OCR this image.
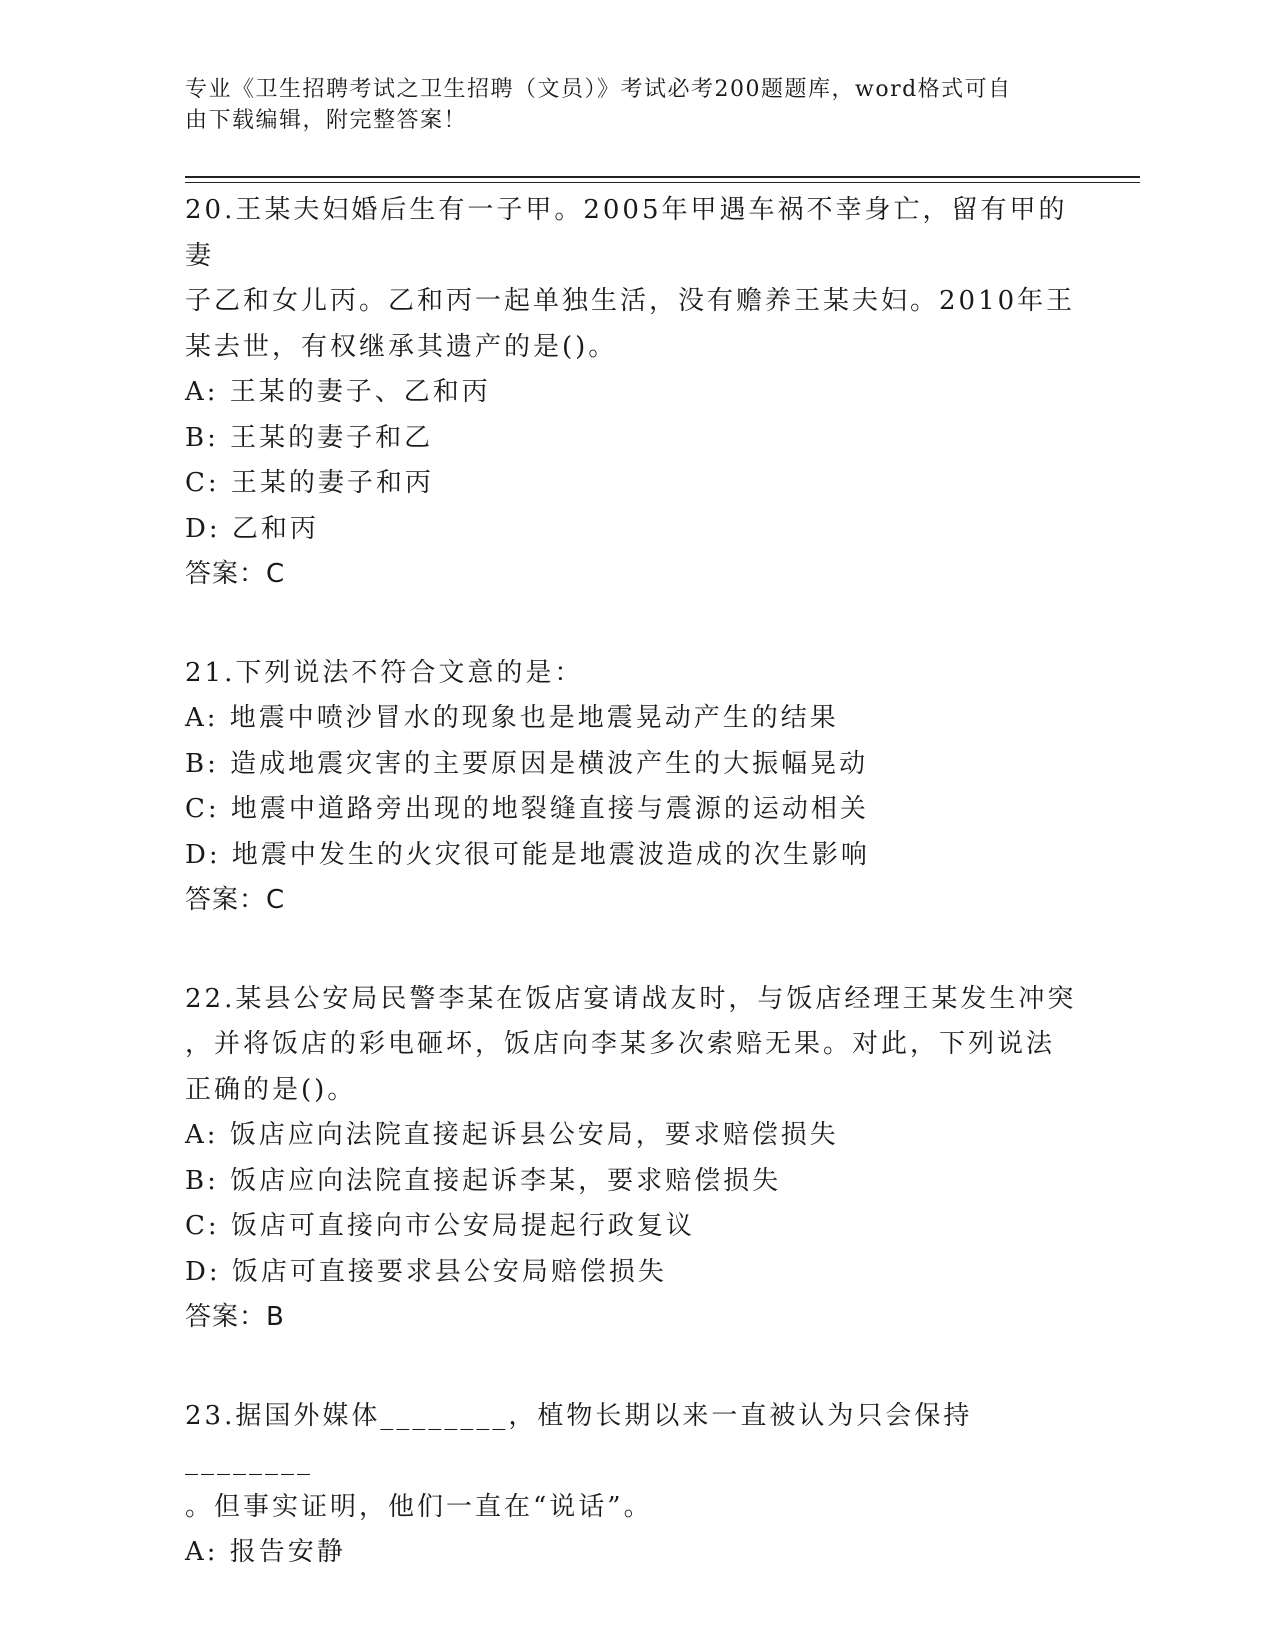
专业《卫生招聘考试之卫生招聘（文员）》考试必考200题题库，word格式可自
由下载编辑，附完整答案！
20.王某夫妇婚后生有一子甲。2005年甲遇车祸不幸身亡，留有甲的妻
子乙和女儿丙。乙和丙一起单独生活，没有赡养王某夫妇。2010年王
某去世，有权继承其遗产的是()。
A: 王某的妻子、乙和丙
B: 王某的妻子和乙
C: 王某的妻子和丙
D: 乙和丙
答案：C
21.下列说法不符合文意的是：
A: 地震中喷沙冒水的现象也是地震晃动产生的结果
B: 造成地震灾害的主要原因是横波产生的大振幅晃动
C: 地震中道路旁出现的地裂缝直接与震源的运动相关
D: 地震中发生的火灾很可能是地震波造成的次生影响
答案：C
22.某县公安局民警李某在饭店宴请战友时，与饭店经理王某发生冲突
，并将饭店的彩电砸坏，饭店向李某多次索赔无果。对此，下列说法
正确的是()。
A: 饭店应向法院直接起诉县公安局，要求赔偿损失
B: 饭店应向法院直接起诉李某，要求赔偿损失
C: 饭店可直接向市公安局提起行政复议
D: 饭店可直接要求县公安局赔偿损失
答案：B
23.据国外媒体________，植物长期以来一直被认为只会保持________
。但事实证明，他们一直在“说话”。
A: 报告安静
